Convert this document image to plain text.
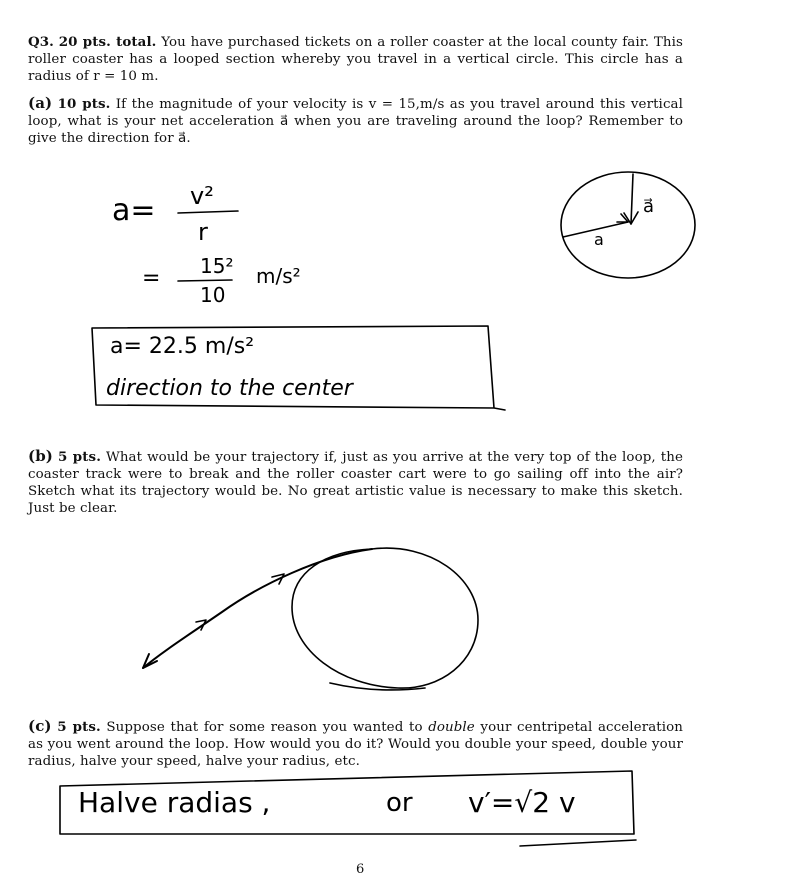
Q3. 20 pts. total. You have purchased tickets on a roller coaster at the local county fair. This roller coaster has a looped section whereby you travel in a vertical circle. This circle has a radius of r = 10 m.
(a) 10 pts. If the magnitude of your velocity is v = 15,m/s as you travel around this vertical loop, what is your net acceleration a⃗ when you are traveling around the loop? Remember to give the direction for a⃗.
a= v²
r
= 15²
10
m/s²
a= 22.5 m/s²
direction to the center
a⃗
a
(b) 5 pts. What would be your trajectory if, just as you arrive at the very top of the loop, the coaster track were to break and the roller coaster cart were to go sailing off into the air? Sketch what its trajectory would be. No great artistic value is necessary to make this sketch. Just be clear.
(c) 5 pts. Suppose that for some reason you wanted to double your centripetal acceleration as you went around the loop. How would you do it? Would you double your speed, double your radius, halve your speed, halve your radius, etc.
Halve radias ,	or v′=√2 v
6
